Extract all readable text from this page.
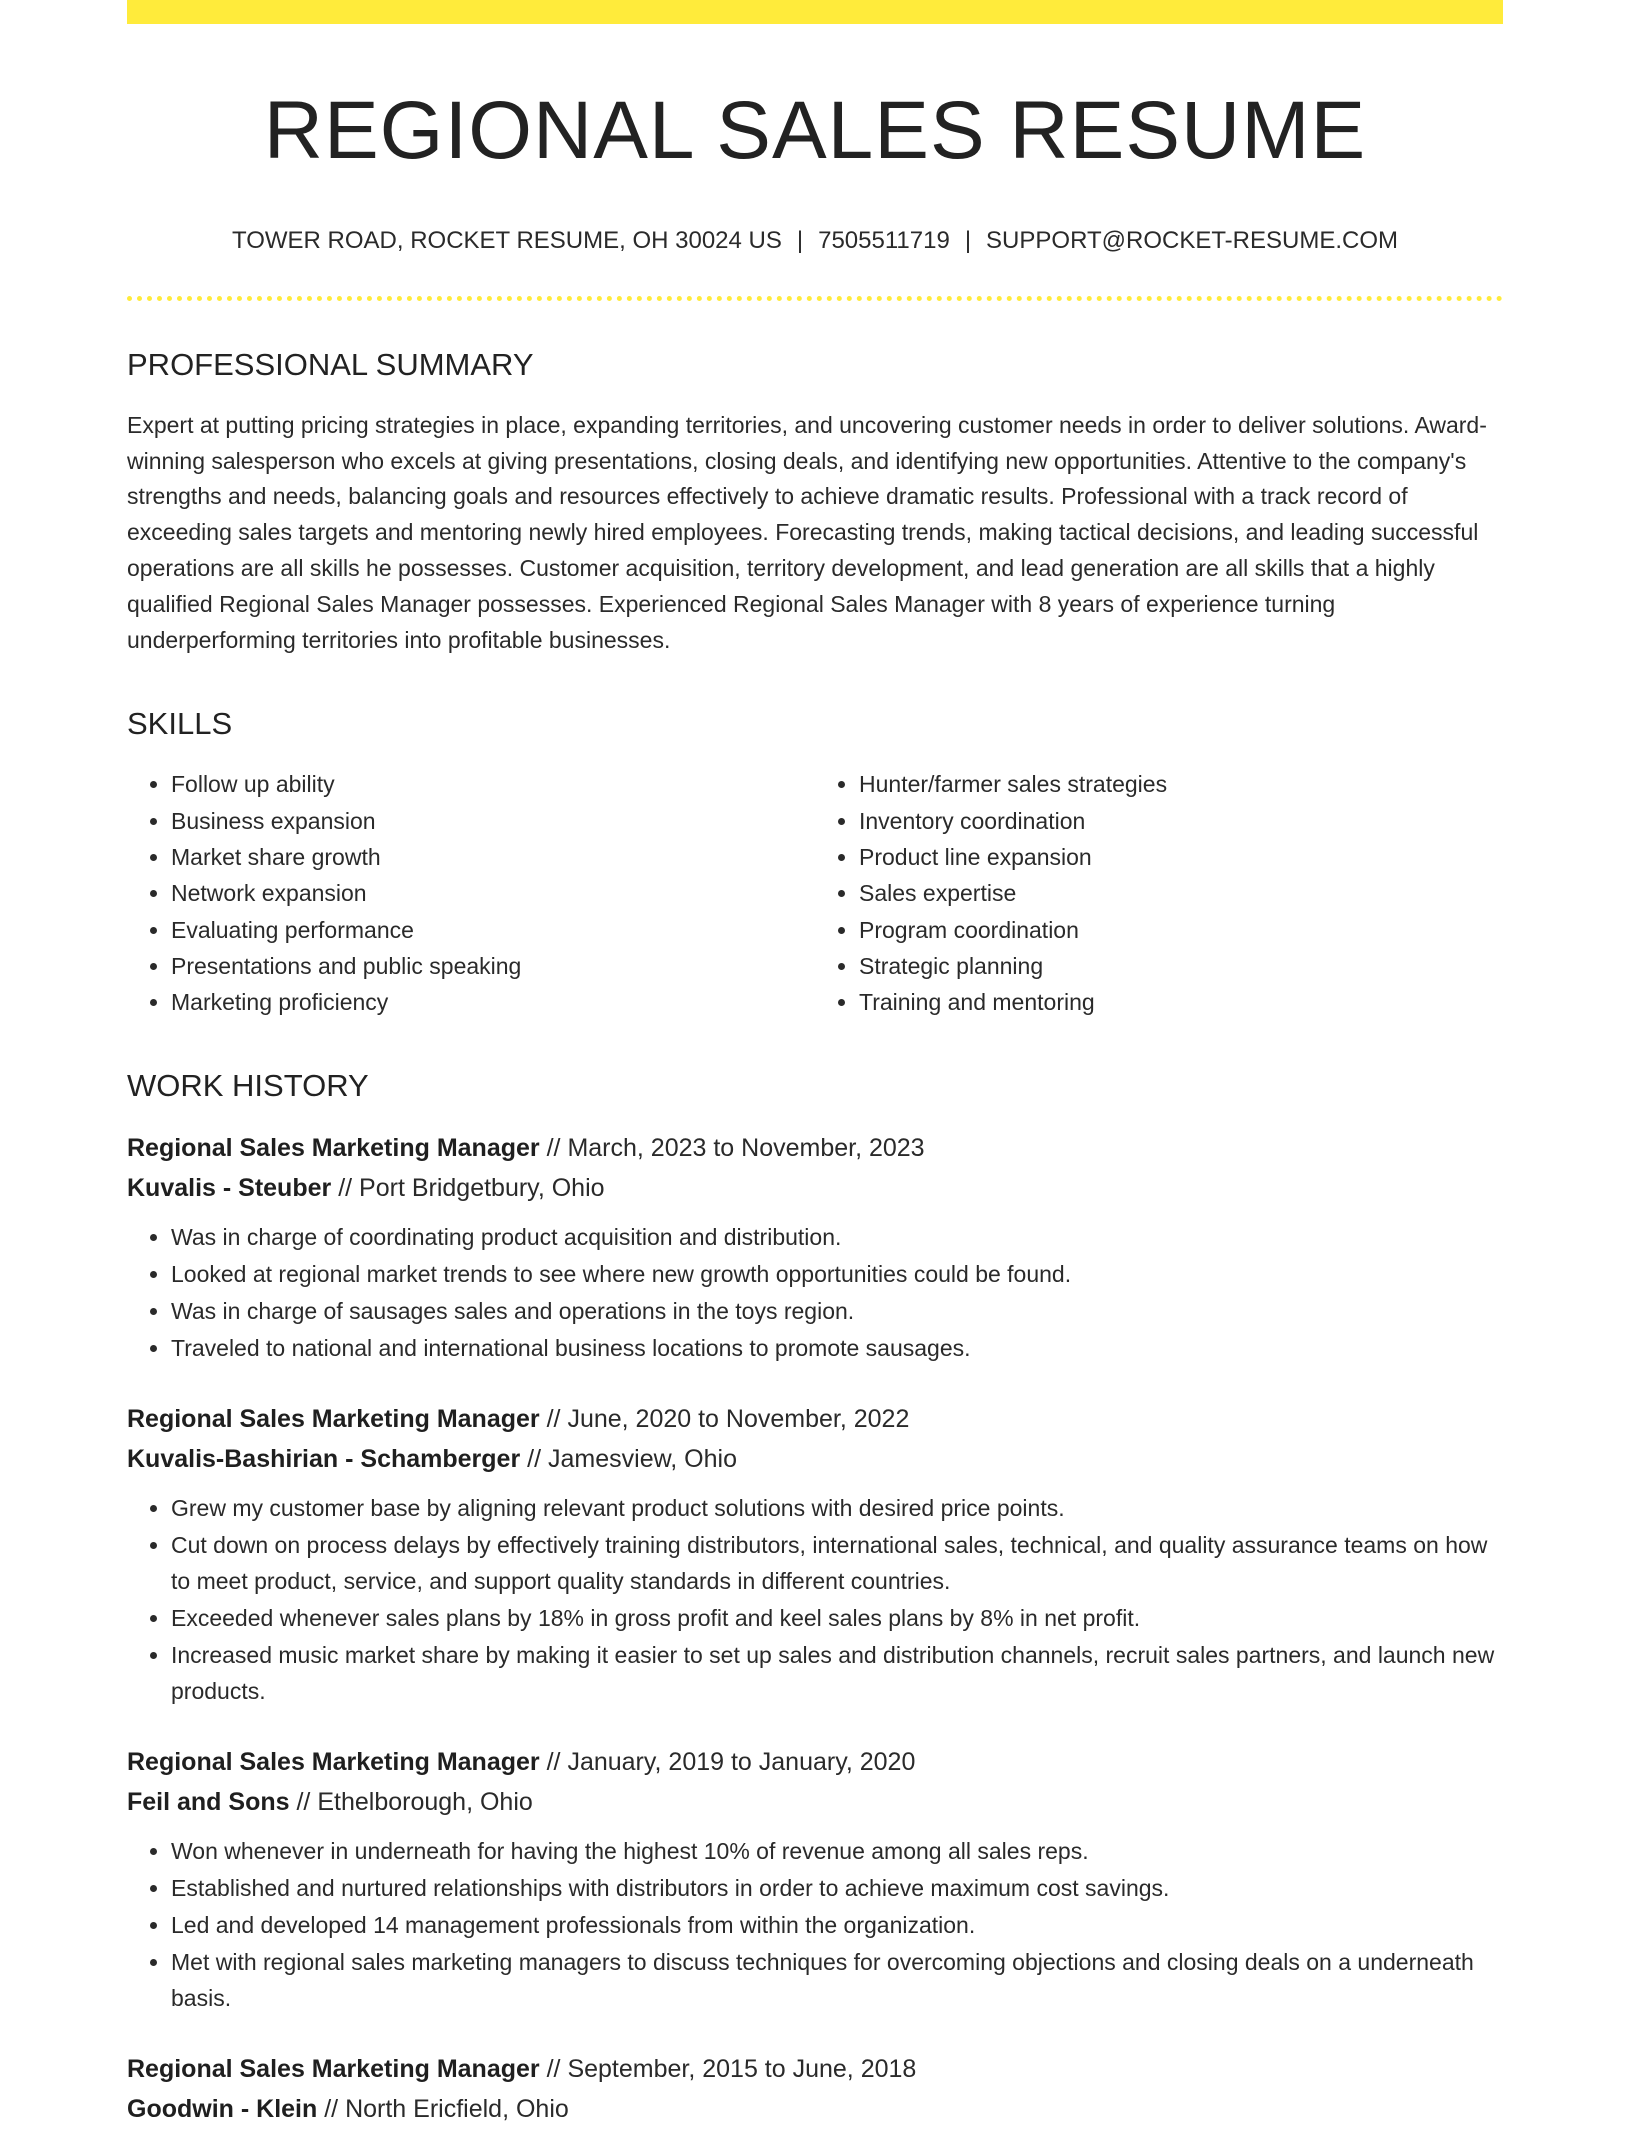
REGIONAL SALES RESUME
TOWER ROAD, ROCKET RESUME, OH 30024 US | 7505511719 | SUPPORT@ROCKET-RESUME.COM
PROFESSIONAL SUMMARY
Expert at putting pricing strategies in place, expanding territories, and uncovering customer needs in order to deliver solutions. Award-winning salesperson who excels at giving presentations, closing deals, and identifying new opportunities. Attentive to the company's strengths and needs, balancing goals and resources effectively to achieve dramatic results. Professional with a track record of exceeding sales targets and mentoring newly hired employees. Forecasting trends, making tactical decisions, and leading successful operations are all skills he possesses. Customer acquisition, territory development, and lead generation are all skills that a highly qualified Regional Sales Manager possesses. Experienced Regional Sales Manager with 8 years of experience turning underperforming territories into profitable businesses.
SKILLS
• Follow up ability
• Business expansion
• Market share growth
• Network expansion
• Evaluating performance
• Presentations and public speaking
• Marketing proficiency
• Hunter/farmer sales strategies
• Inventory coordination
• Product line expansion
• Sales expertise
• Program coordination
• Strategic planning
• Training and mentoring
WORK HISTORY
Regional Sales Marketing Manager // March, 2023 to November, 2023
Kuvalis - Steuber // Port Bridgetbury, Ohio
• Was in charge of coordinating product acquisition and distribution.
• Looked at regional market trends to see where new growth opportunities could be found.
• Was in charge of sausages sales and operations in the toys region.
• Traveled to national and international business locations to promote sausages.
Regional Sales Marketing Manager // June, 2020 to November, 2022
Kuvalis-Bashirian - Schamberger // Jamesview, Ohio
• Grew my customer base by aligning relevant product solutions with desired price points.
• Cut down on process delays by effectively training distributors, international sales, technical, and quality assurance teams on how to meet product, service, and support quality standards in different countries.
• Exceeded whenever sales plans by 18% in gross profit and keel sales plans by 8% in net profit.
• Increased music market share by making it easier to set up sales and distribution channels, recruit sales partners, and launch new products.
Regional Sales Marketing Manager // January, 2019 to January, 2020
Feil and Sons // Ethelborough, Ohio
• Won whenever in underneath for having the highest 10% of revenue among all sales reps.
• Established and nurtured relationships with distributors in order to achieve maximum cost savings.
• Led and developed 14 management professionals from within the organization.
• Met with regional sales marketing managers to discuss techniques for overcoming objections and closing deals on a underneath basis.
Regional Sales Marketing Manager // September, 2015 to June, 2018
Goodwin - Klein // North Ericfield, Ohio
